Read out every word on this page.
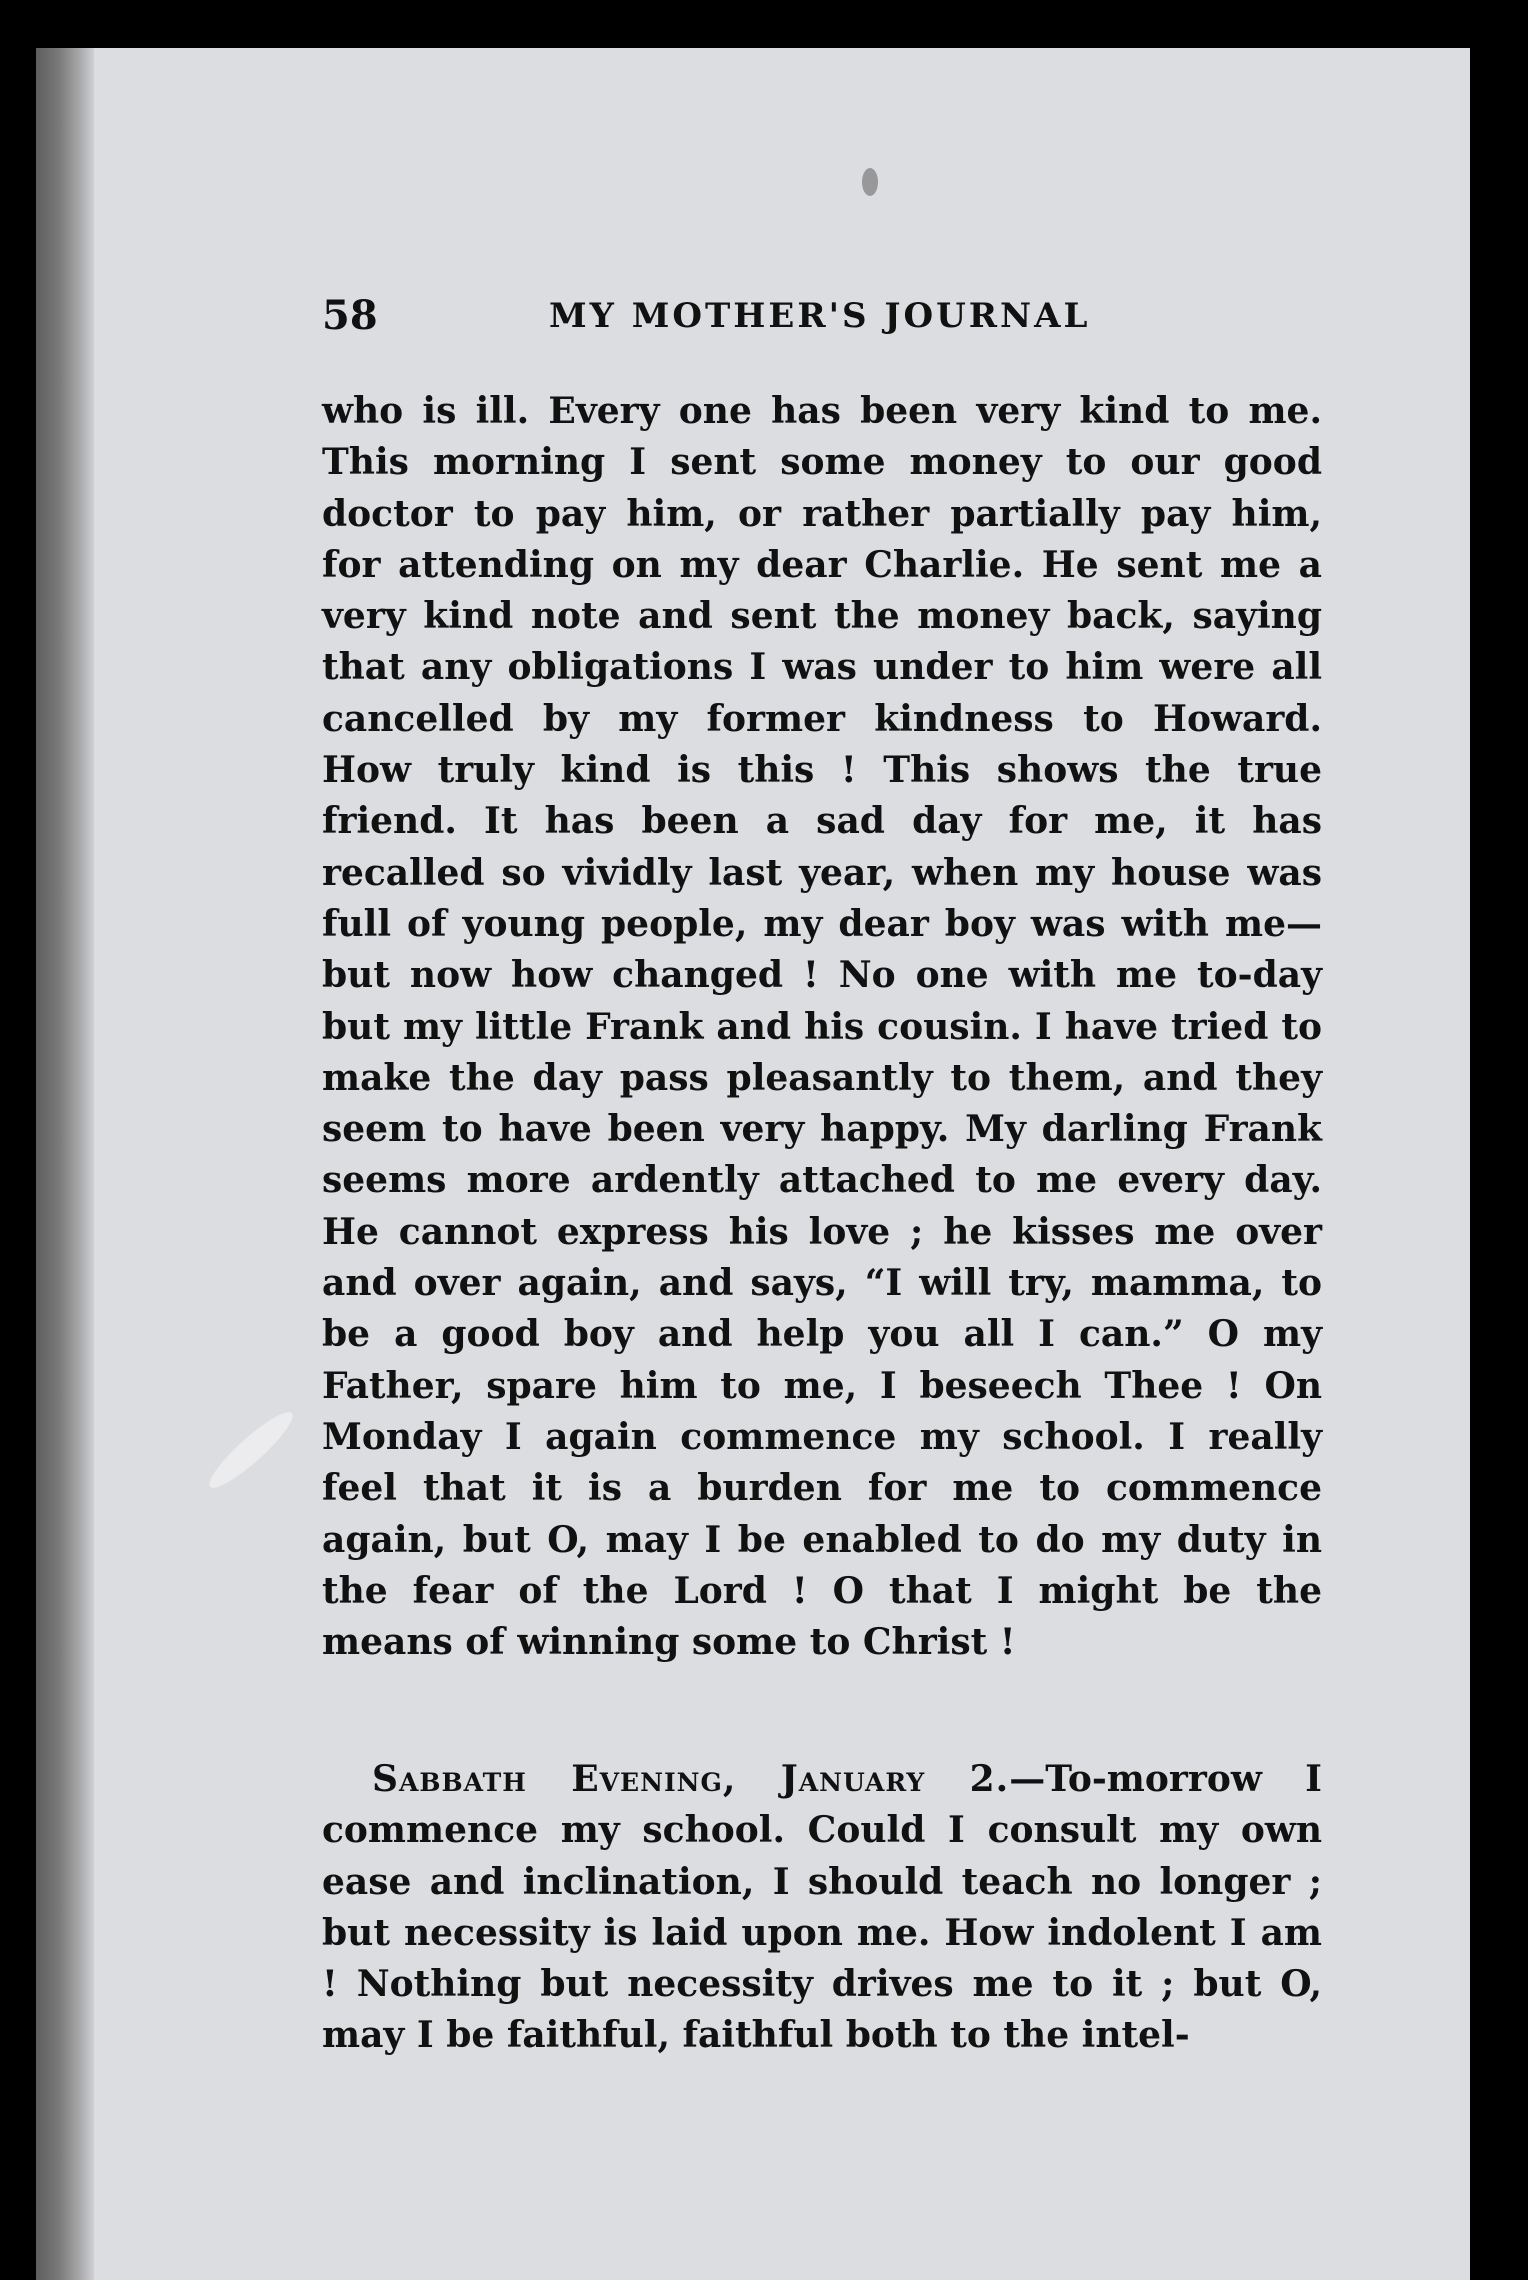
58	MY MOTHER'S JOURNAL

who is ill. Every one has been very kind to me. This morning I sent some money to our good doctor to pay him, or rather partially pay him, for attending on my dear Charlie. He sent me a very kind note and sent the money back, saying that any obligations I was under to him were all cancelled by my former kindness to Howard. How truly kind is this ! This shows the true friend. It has been a sad day for me, it has recalled so vividly last year, when my house was full of young people, my dear boy was with me—but now how changed ! No one with me to-day but my little Frank and his cousin. I have tried to make the day pass pleasantly to them, and they seem to have been very happy. My darling Frank seems more ardently attached to me every day. He cannot express his love ; he kisses me over and over again, and says, “I will try, mamma, to be a good boy and help you all I can.” O my Father, spare him to me, I beseech Thee ! On Monday I again commence my school. I really feel that it is a burden for me to commence again, but O, may I be enabled to do my duty in the fear of the Lord ! O that I might be the means of winning some to Christ !

Sabbath Evening, January 2.—To-morrow I commence my school. Could I consult my own ease and inclination, I should teach no longer ; but necessity is laid upon me. How indolent I am ! Nothing but necessity drives me to it ; but O, may I be faithful, faithful both to the intel-
